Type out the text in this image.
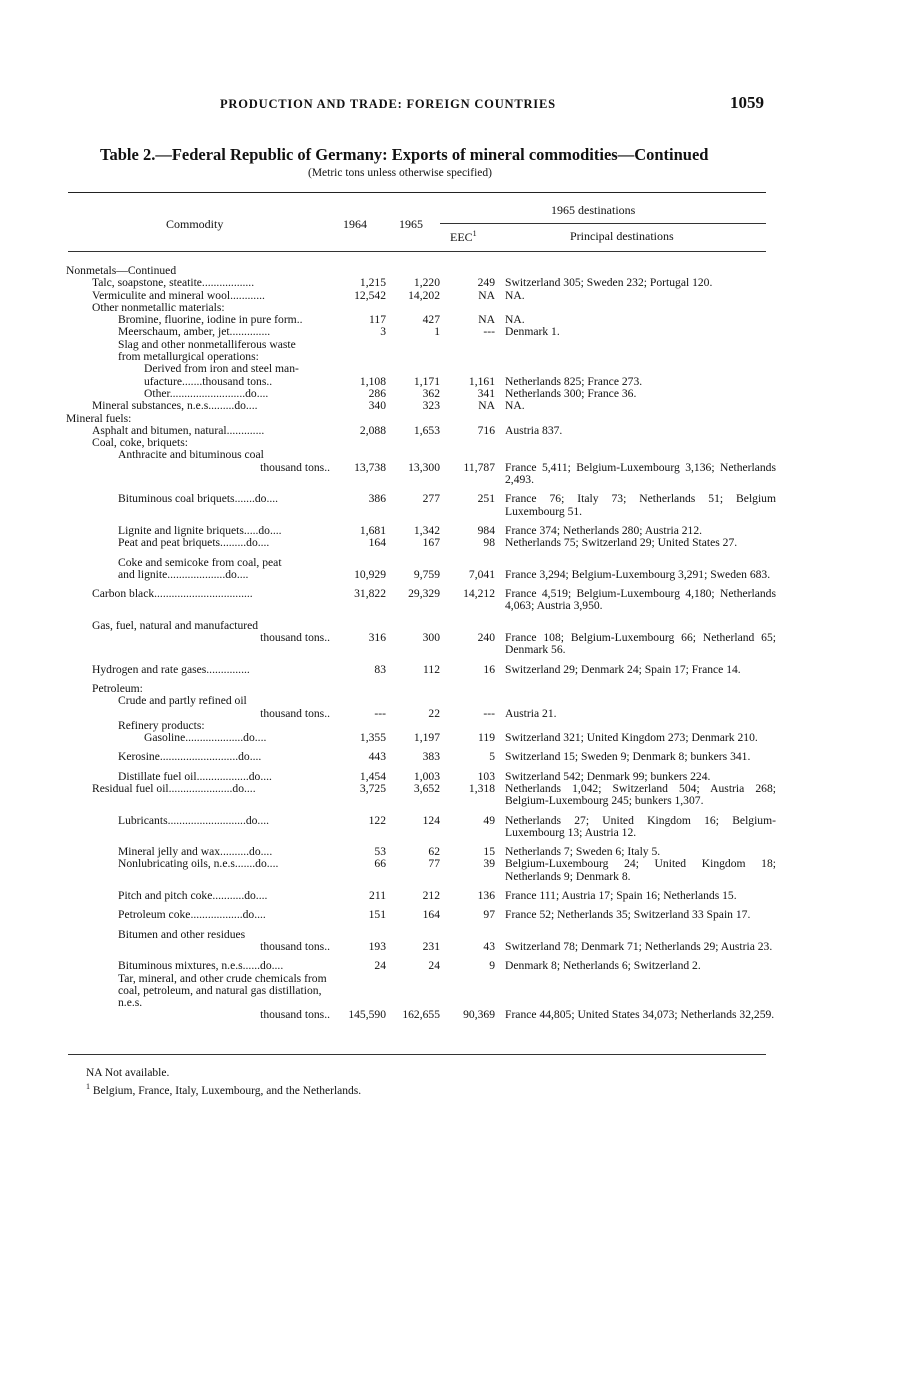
PRODUCTION AND TRADE: FOREIGN COUNTRIES	1059
Table 2.—Federal Republic of Germany: Exports of mineral commodities—Continued
(Metric tons unless otherwise specified)
Commodity	1964	1965
1965 destinations
EEC$^1$	Principal destinations
Nonmetals—Continued				
Talc, soapstone, steatite..................	1,215	1,220	249	Switzerland 305; Sweden 232; Portugal 120.
Vermiculite and mineral wool............	12,542	14,202	NA	NA.
Other nonmetallic materials:				
Bromine, fluorine, iodine in pure form..	117	427	NA	NA.
Meerschaum, amber, jet..............	3	1	---	Denmark 1.
Slag and other nonmetalliferous waste				
from metallurgical operations:				
Derived from iron and steel man-				
ufacture.......thousand tons..	1,108	1,171	1,161	Netherlands 825; France 273.
Other..........................do....	286	362	341	Netherlands 300; France 36.
Mineral substances, n.e.s.........do....	340	323	NA	NA.
Mineral fuels:				
Asphalt and bitumen, natural.............	2,088	1,653	716	Austria 837.
Coal, coke, briquets:				
Anthracite and bituminous coal				
thousand tons..	13,738	13,300	11,787	France 5,411; Belgium-Luxembourg 3,136; Netherlands 2,493.
Bituminous coal briquets.......do....	386	277	251	France 76; Italy 73; Netherlands 51; Belgium Luxembourg 51.
Lignite and lignite briquets.....do....	1,681	1,342	984	France 374; Netherlands 280; Austria 212.
Peat and peat briquets.........do....	164	167	98	Netherlands 75; Switzerland 29; United States 27.
Coke and semicoke from coal, peat				
and lignite....................do....	10,929	9,759	7,041	France 3,294; Belgium-Luxembourg 3,291; Sweden 683.
Carbon black..................................	31,822	29,329	14,212	France 4,519; Belgium-Luxembourg 4,180; Netherlands 4,063; Austria 3,950.
Gas, fuel, natural and manufactured				
thousand tons..	316	300	240	France 108; Belgium-Luxembourg 66; Netherland 65; Denmark 56.
Hydrogen and rate gases...............	83	112	16	Switzerland 29; Denmark 24; Spain 17; France 14.
Petroleum:				
Crude and partly refined oil				
thousand tons..	---	22	---	Austria 21.
Refinery products:				
Gasoline....................do....	1,355	1,197	119	Switzerland 321; United Kingdom 273; Denmark 210.
Kerosine...........................do....	443	383	5	Switzerland 15; Sweden 9; Denmark 8; bunkers 341.
Distillate fuel oil..................do....	1,454	1,003	103	Switzerland 542; Denmark 99; bunkers 224.
Residual fuel oil......................do....	3,725	3,652	1,318	Netherlands 1,042; Switzerland 504; Austria 268; Belgium-Luxembourg 245; bunkers 1,307.
Lubricants...........................do....	122	124	49	Netherlands 27; United Kingdom 16; Belgium-Luxembourg 13; Austria 12.
Mineral jelly and wax..........do....	53	62	15	Netherlands 7; Sweden 6; Italy 5.
Nonlubricating oils, n.e.s.......do....	66	77	39	Belgium-Luxembourg 24; United Kingdom 18; Netherlands 9; Denmark 8.
Pitch and pitch coke...........do....	211	212	136	France 111; Austria 17; Spain 16; Netherlands 15.
Petroleum coke..................do....	151	164	97	France 52; Netherlands 35; Switzerland 33 Spain 17.
Bitumen and other residues				
thousand tons..	193	231	43	Switzerland 78; Denmark 71; Netherlands 29; Austria 23.
Bituminous mixtures, n.e.s......do....	24	24	9	Denmark 8; Netherlands 6; Switzerland 2.
Tar, mineral, and other crude chemicals from coal, petroleum, and natural gas distillation, n.e.s.				
thousand tons..	145,590	162,655	90,369	France 44,805; United States 34,073; Netherlands 32,259.
NA Not available.
$^1$ Belgium, France, Italy, Luxembourg, and the Netherlands.
